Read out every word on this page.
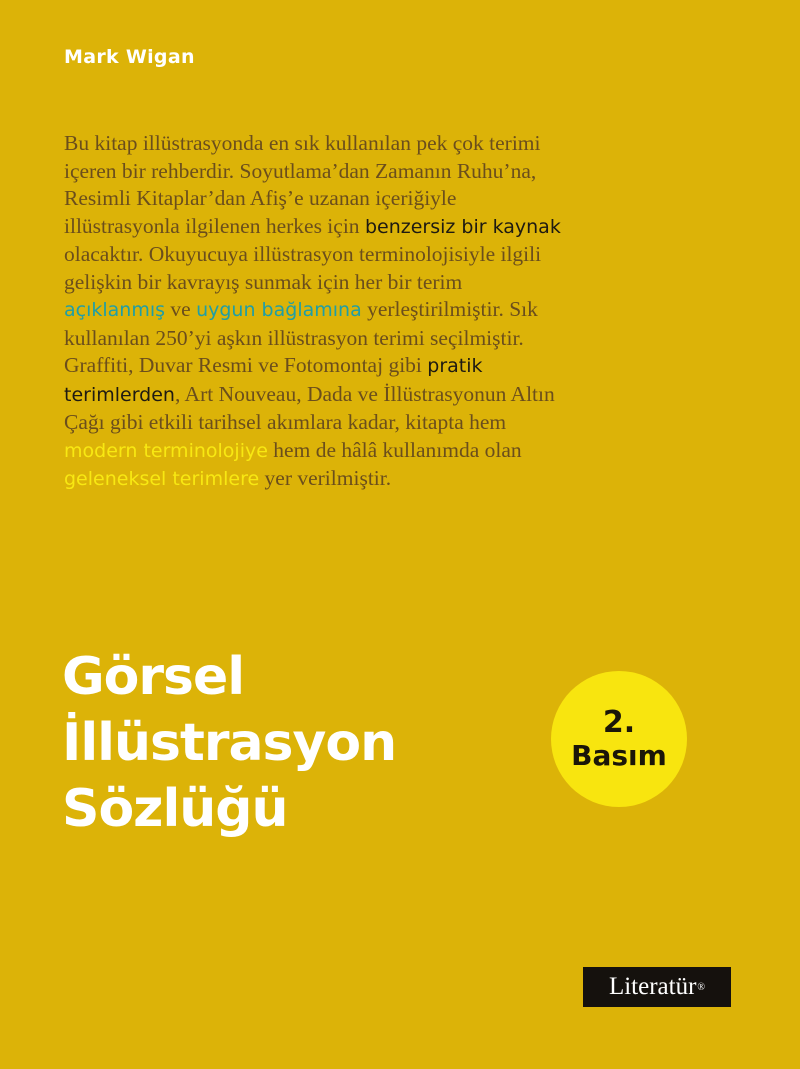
Mark Wigan
Bu kitap illüstrasyonda en sık kullanılan pek çok terimi
içeren bir rehberdir. Soyutlama’dan Zamanın Ruhu’na,
Resimli Kitaplar’dan Afiş’e uzanan içeriğiyle
illüstrasyonla ilgilenen herkes için benzersiz bir kaynak
olacaktır. Okuyucuya illüstrasyon terminolojisiyle ilgili
gelişkin bir kavrayış sunmak için her bir terim
açıklanmış ve uygun bağlamına yerleştirilmiştir. Sık
kullanılan 250’yi aşkın illüstrasyon terimi seçilmiştir.
Graffiti, Duvar Resmi ve Fotomontaj gibi pratik
terimlerden, Art Nouveau, Dada ve İllüstrasyonun Altın
Çağı gibi etkili tarihsel akımlara kadar, kitapta hem
modern terminolojiye hem de hâlâ kullanımda olan
geleneksel terimlere yer verilmiştir.
Görsel
İllüstrasyon
Sözlüğü
2.
Basım
Literatür ®
